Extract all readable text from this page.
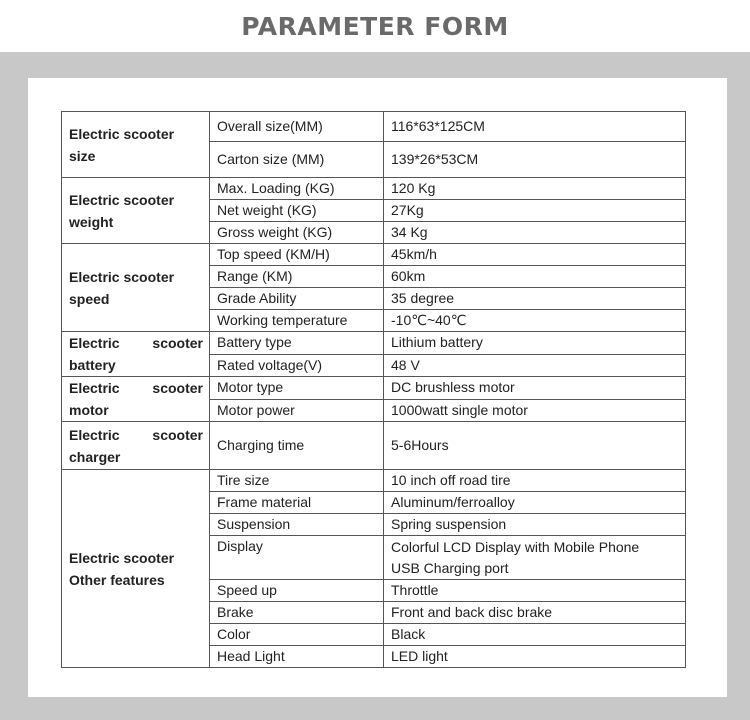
PARAMETER FORM
Electric scooter
size	Overall size(MM)	116*63*125CM
	Carton size (MM)	139*26*53CM

Electric scooter
weight	Max. Loading (KG)	120 Kg
	Net weight (KG)	27Kg
	Gross weight (KG)	34 Kg

Electric scooter
speed	Top speed (KM/H)	45km/h
	Range (KM)	60km
	Grade Ability	35 degree
	Working temperature	-10℃~40℃

Electric scooter
battery	Battery type	Lithium battery
	Rated voltage(V)	48 V

Electric scooter
motor	Motor type	DC brushless motor
	Motor power	1000watt single motor

Electric scooter
charger	Charging time	5-6Hours

Electric scooter
Other features	Tire size	10 inch off road tire
	Frame material	Aluminum/ferroalloy
	Suspension	Spring suspension
	Display	Colorful LCD Display with Mobile Phone
USB Charging port

	Speed up	Throttle
	Brake	Front and back disc brake
	Color	Black
	Head Light	LED light
